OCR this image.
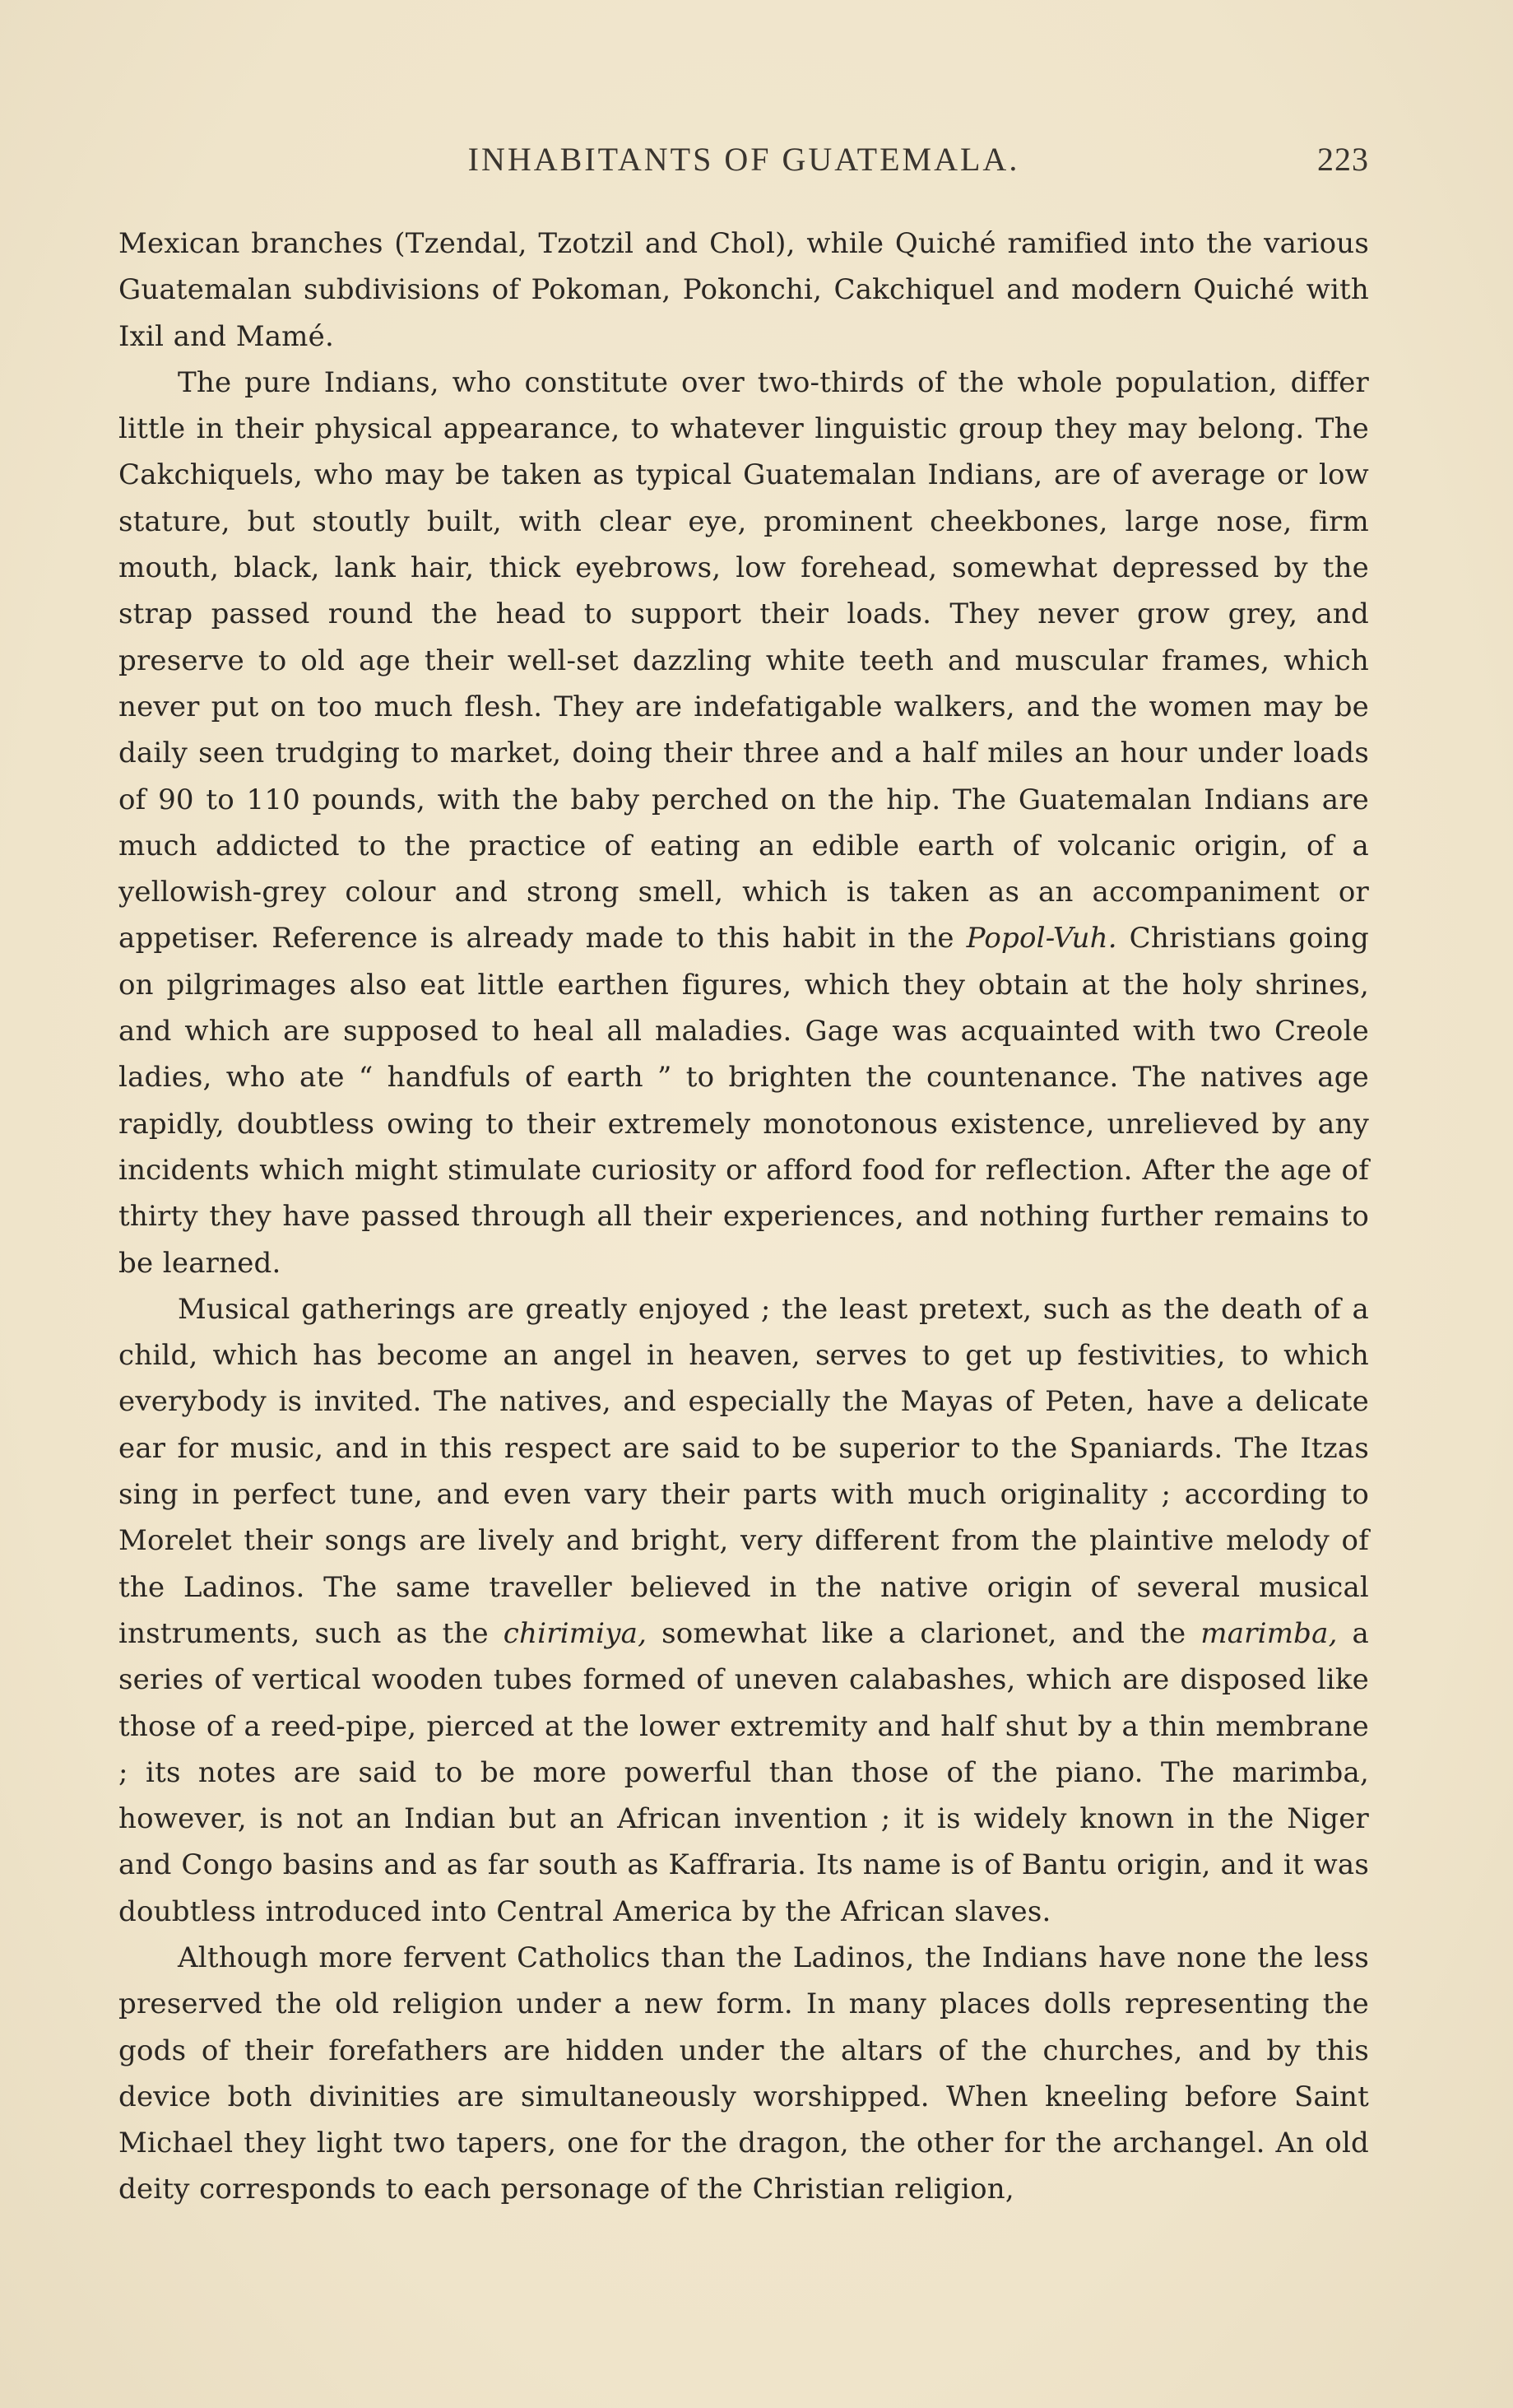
INHABITANTS OF GUATEMALA.	223

Mexican branches (Tzendal, Tzotzil and Chol), while Quiché ramified into the various Guatemalan subdivisions of Pokoman, Pokonchi, Cakchiquel and modern Quiché with Ixil and Mamé.

The pure Indians, who constitute over two-thirds of the whole population, differ little in their physical appearance, to whatever linguistic group they may belong. The Cakchiquels, who may be taken as typical Guatemalan Indians, are of average or low stature, but stoutly built, with clear eye, prominent cheekbones, large nose, firm mouth, black, lank hair, thick eyebrows, low forehead, somewhat depressed by the strap passed round the head to support their loads. They never grow grey, and preserve to old age their well-set dazzling white teeth and muscular frames, which never put on too much flesh. They are indefatigable walkers, and the women may be daily seen trudging to market, doing their three and a half miles an hour under loads of 90 to 110 pounds, with the baby perched on the hip. The Guatemalan Indians are much addicted to the practice of eating an edible earth of volcanic origin, of a yellowish-grey colour and strong smell, which is taken as an accompaniment or appetiser. Reference is already made to this habit in the Popol-Vuh. Christians going on pilgrimages also eat little earthen figures, which they obtain at the holy shrines, and which are supposed to heal all maladies. Gage was acquainted with two Creole ladies, who ate “ handfuls of earth ” to brighten the countenance. The natives age rapidly, doubtless owing to their extremely monotonous existence, unrelieved by any incidents which might stimulate curiosity or afford food for reflection. After the age of thirty they have passed through all their experiences, and nothing further remains to be learned.

Musical gatherings are greatly enjoyed ; the least pretext, such as the death of a child, which has become an angel in heaven, serves to get up festivities, to which everybody is invited. The natives, and especially the Mayas of Peten, have a delicate ear for music, and in this respect are said to be superior to the Spaniards. The Itzas sing in perfect tune, and even vary their parts with much originality ; according to Morelet their songs are lively and bright, very different from the plaintive melody of the Ladinos. The same traveller believed in the native origin of several musical instruments, such as the chirimiya, somewhat like a clarionet, and the marimba, a series of vertical wooden tubes formed of uneven calabashes, which are disposed like those of a reed-pipe, pierced at the lower extremity and half shut by a thin membrane ; its notes are said to be more powerful than those of the piano. The marimba, however, is not an Indian but an African invention ; it is widely known in the Niger and Congo basins and as far south as Kaffraria. Its name is of Bantu origin, and it was doubtless introduced into Central America by the African slaves.

Although more fervent Catholics than the Ladinos, the Indians have none the less preserved the old religion under a new form. In many places dolls representing the gods of their forefathers are hidden under the altars of the churches, and by this device both divinities are simultaneously worshipped. When kneeling before Saint Michael they light two tapers, one for the dragon, the other for the archangel. An old deity corresponds to each personage of the Christian religion,
